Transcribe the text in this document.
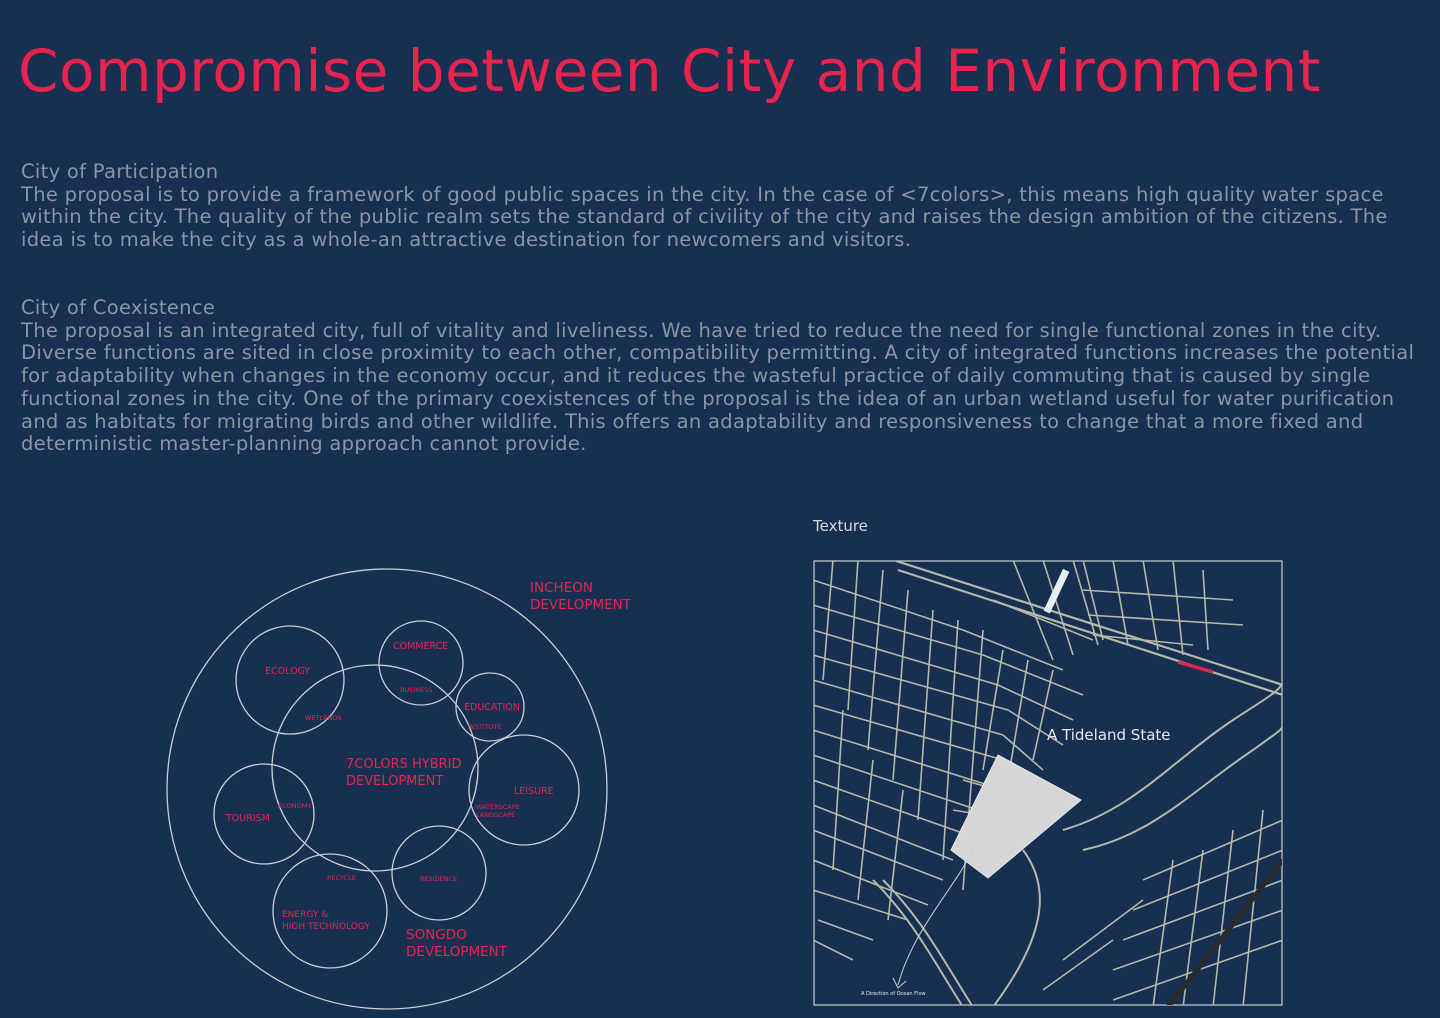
Compromise between City and Environment
City of Participation
The proposal is to provide a framework of good public spaces in the city. In the case of <7colors>, this means high quality water space within the city. The quality of the public realm sets the standard of civility of the city and raises the design ambition of the citizens. The idea is to make the city as a whole-an attractive destination for newcomers and visitors.
City of Coexistence
The proposal is an integrated city, full of vitality and liveliness. We have tried to reduce the need for single functional zones in the city. Diverse functions are sited in close proximity to each other, compatibility permitting. A city of integrated functions increases the potential for adaptability when changes in the economy occur, and it reduces the wasteful practice of daily commuting that is caused by single functional zones in the city. One of the primary coexistences of the proposal is the idea of an urban wetland useful for water purification and as habitats for migrating birds and other wildlife. This offers an adaptability and responsiveness to change that a more fixed and deterministic master-planning approach cannot provide.
INCHEON
DEVELOPMENT
7COLORS HYBRID
DEVELOPMENT
SONGDO
DEVELOPMENT
ECOLOGY
COMMERCE
EDUCATION
LEISURE
TOURISM
ENERGY &
HIGH TECHNOLOGY
WETLANDS
BUSINESS
INSTITUTE
WATERSCAPE
LANDSCAPE
ECONOMY
RECYCLE	RESIDENCE
Texture
A Tideland State
A Direction of Ocean Flow
